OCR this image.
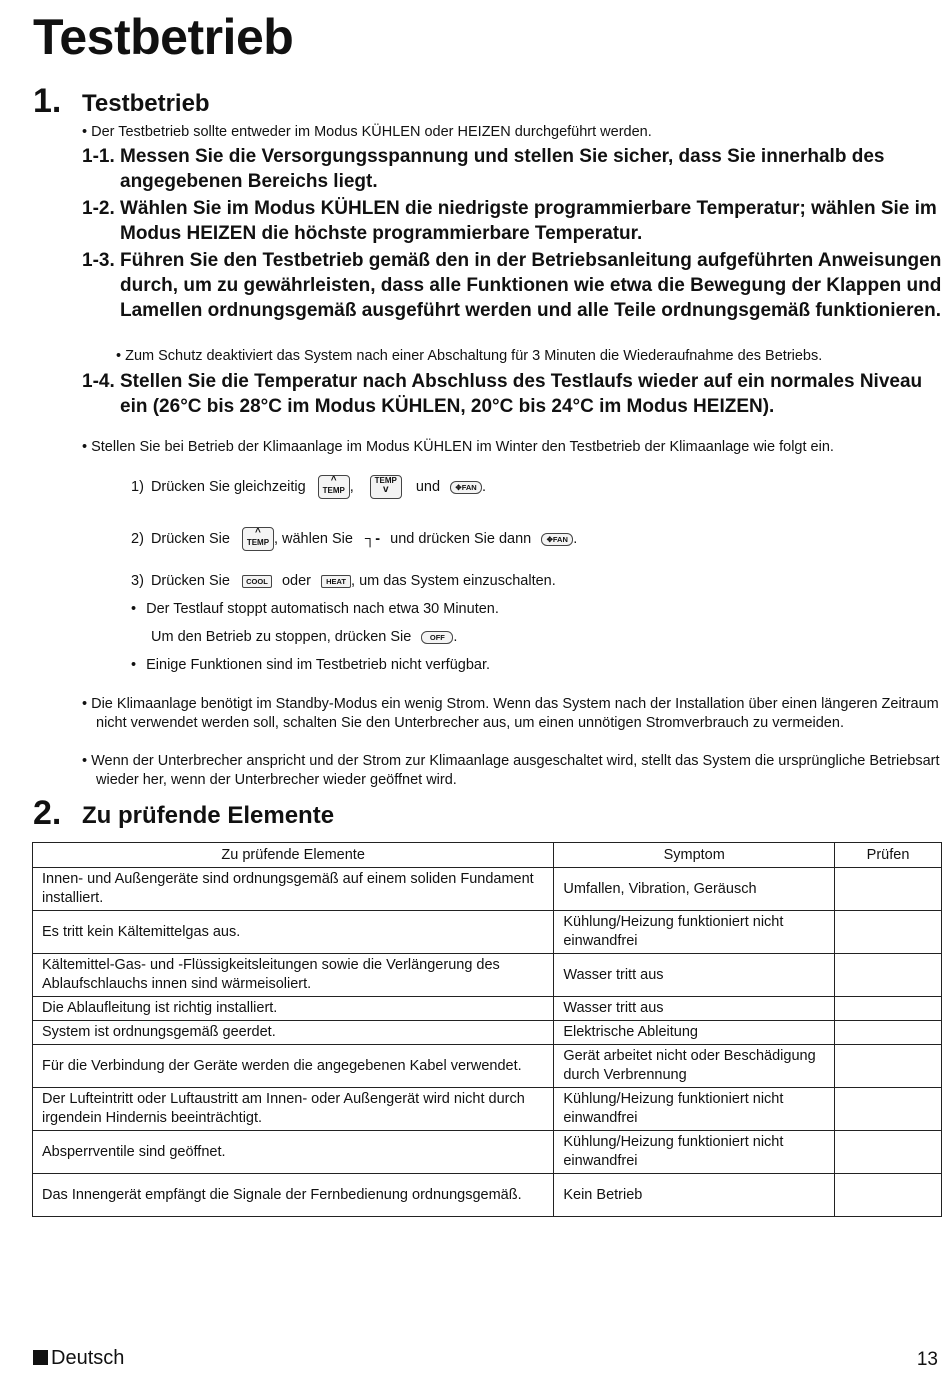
Testbetrieb
1. Testbetrieb
• Der Testbetrieb sollte entweder im Modus KÜHLEN oder HEIZEN durchgeführt werden.
1-1. Messen Sie die Versorgungsspannung und stellen Sie sicher, dass Sie innerhalb des angegebenen Bereichs liegt.
1-2. Wählen Sie im Modus KÜHLEN die niedrigste programmierbare Temperatur; wählen Sie im Modus HEIZEN die höchste programmierbare Temperatur.
1-3. Führen Sie den Testbetrieb gemäß den in der Betriebsanleitung aufgeführten Anweisungen durch, um zu gewährleisten, dass alle Funktionen wie etwa die Bewegung der Klappen und Lamellen ordnungsgemäß ausgeführt werden und alle Teile ordnungsgemäß funktionieren.
• Zum Schutz deaktiviert das System nach einer Abschaltung für 3 Minuten die Wiederaufnahme des Betriebs.
1-4. Stellen Sie die Temperatur nach Abschluss des Testlaufs wieder auf ein normales Niveau ein (26°C bis 28°C im Modus KÜHLEN, 20°C bis 24°C im Modus HEIZEN).
• Stellen Sie bei Betrieb der Klimaanlage im Modus KÜHLEN im Winter den Testbetrieb der Klimaanlage wie folgt ein.
1) Drücken Sie gleichzeitig	^
TEMP ,	TEMP
v	und ✥FAN .
2) Drücken Sie	^
TEMP , wählen Sie ┐- und drücken Sie dann ✥FAN .
3) Drücken Sie COOL oder HEAT , um das System einzuschalten.
• Der Testlauf stoppt automatisch nach etwa 30 Minuten.
Um den Betrieb zu stoppen, drücken Sie OFF .
• Einige Funktionen sind im Testbetrieb nicht verfügbar.
• Die Klimaanlage benötigt im Standby-Modus ein wenig Strom. Wenn das System nach der Installation über einen längeren Zeitraum nicht verwendet werden soll, schalten Sie den Unterbrecher aus, um einen unnötigen Stromverbrauch zu vermeiden.
• Wenn der Unterbrecher anspricht und der Strom zur Klimaanlage ausgeschaltet wird, stellt das System die ursprüngliche Betriebsart wieder her, wenn der Unterbrecher wieder geöffnet wird.
2. Zu prüfende Elemente
Zu prüfende Elemente	Symptom	Prüfen
Innen- und Außengeräte sind ordnungsgemäß auf einem soliden Fundament installiert.	Umfallen, Vibration, Geräusch	
Es tritt kein Kältemittelgas aus.	Kühlung/Heizung funktioniert nicht einwandfrei	
Kältemittel-Gas- und -Flüssigkeitsleitungen sowie die Verlängerung des Ablaufschlauchs innen sind wärmeisoliert.	Wasser tritt aus	
Die Ablaufleitung ist richtig installiert.	Wasser tritt aus	
System ist ordnungsgemäß geerdet.	Elektrische Ableitung	
Für die Verbindung der Geräte werden die angegebenen Kabel verwendet.	Gerät arbeitet nicht oder Beschädigung durch Verbrennung	
Der Lufteintritt oder Luftaustritt am Innen- oder Außengerät wird nicht durch irgendein Hindernis beeinträchtigt.	Kühlung/Heizung funktioniert nicht einwandfrei	
Absperrventile sind geöffnet.	Kühlung/Heizung funktioniert nicht einwandfrei	
Das Innengerät empfängt die Signale der Fernbedienung ordnungsgemäß.	Kein Betrieb	
Deutsch	13
